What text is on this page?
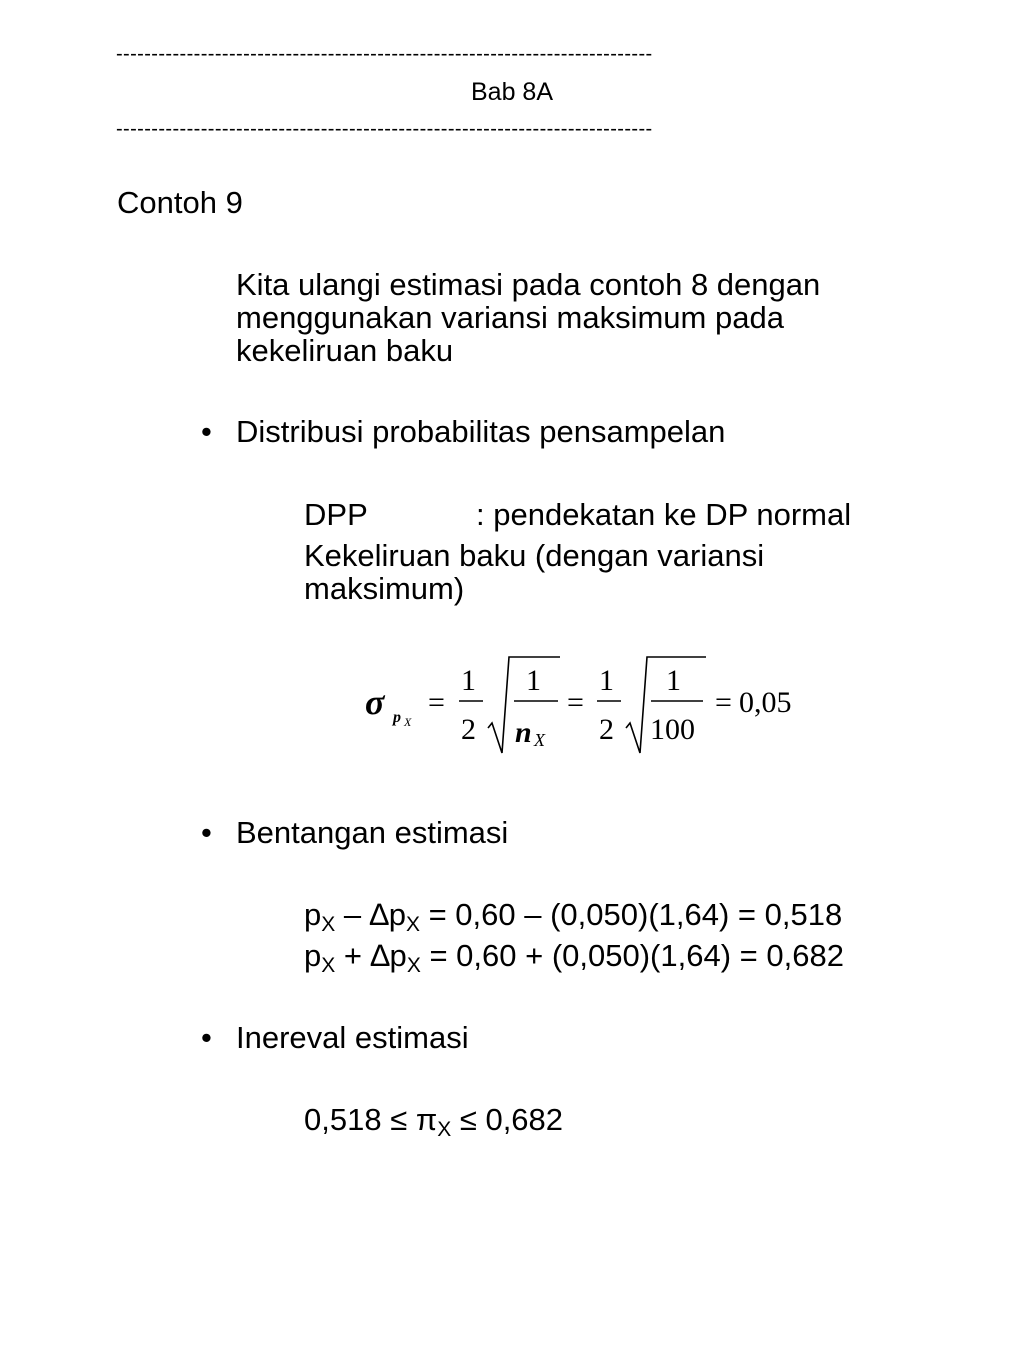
----------------------------------------------------------------------------
Bab 8A
----------------------------------------------------------------------------
Contoh 9
Kita ulangi estimasi pada contoh 8 dengan
menggunakan variansi maksimum pada
kekeliruan baku
• Distribusi probabilitas pensampelan
DPP	: pendekatan ke DP normal
Kekeliruan baku (dengan variansi
maksimum)
σ p X
=
1
2
1
n X
=
1
2
1
100
= 0,05
• Bentangan estimasi
$p_X - \Delta p_X = 0,60 - (0,050)(1,64) = 0,518$
$p_X + \Delta p_X = 0,60 + (0,050)(1,64) = 0,682$
• Inereval estimasi
$0,518 \le \pi_X \le 0,682$
